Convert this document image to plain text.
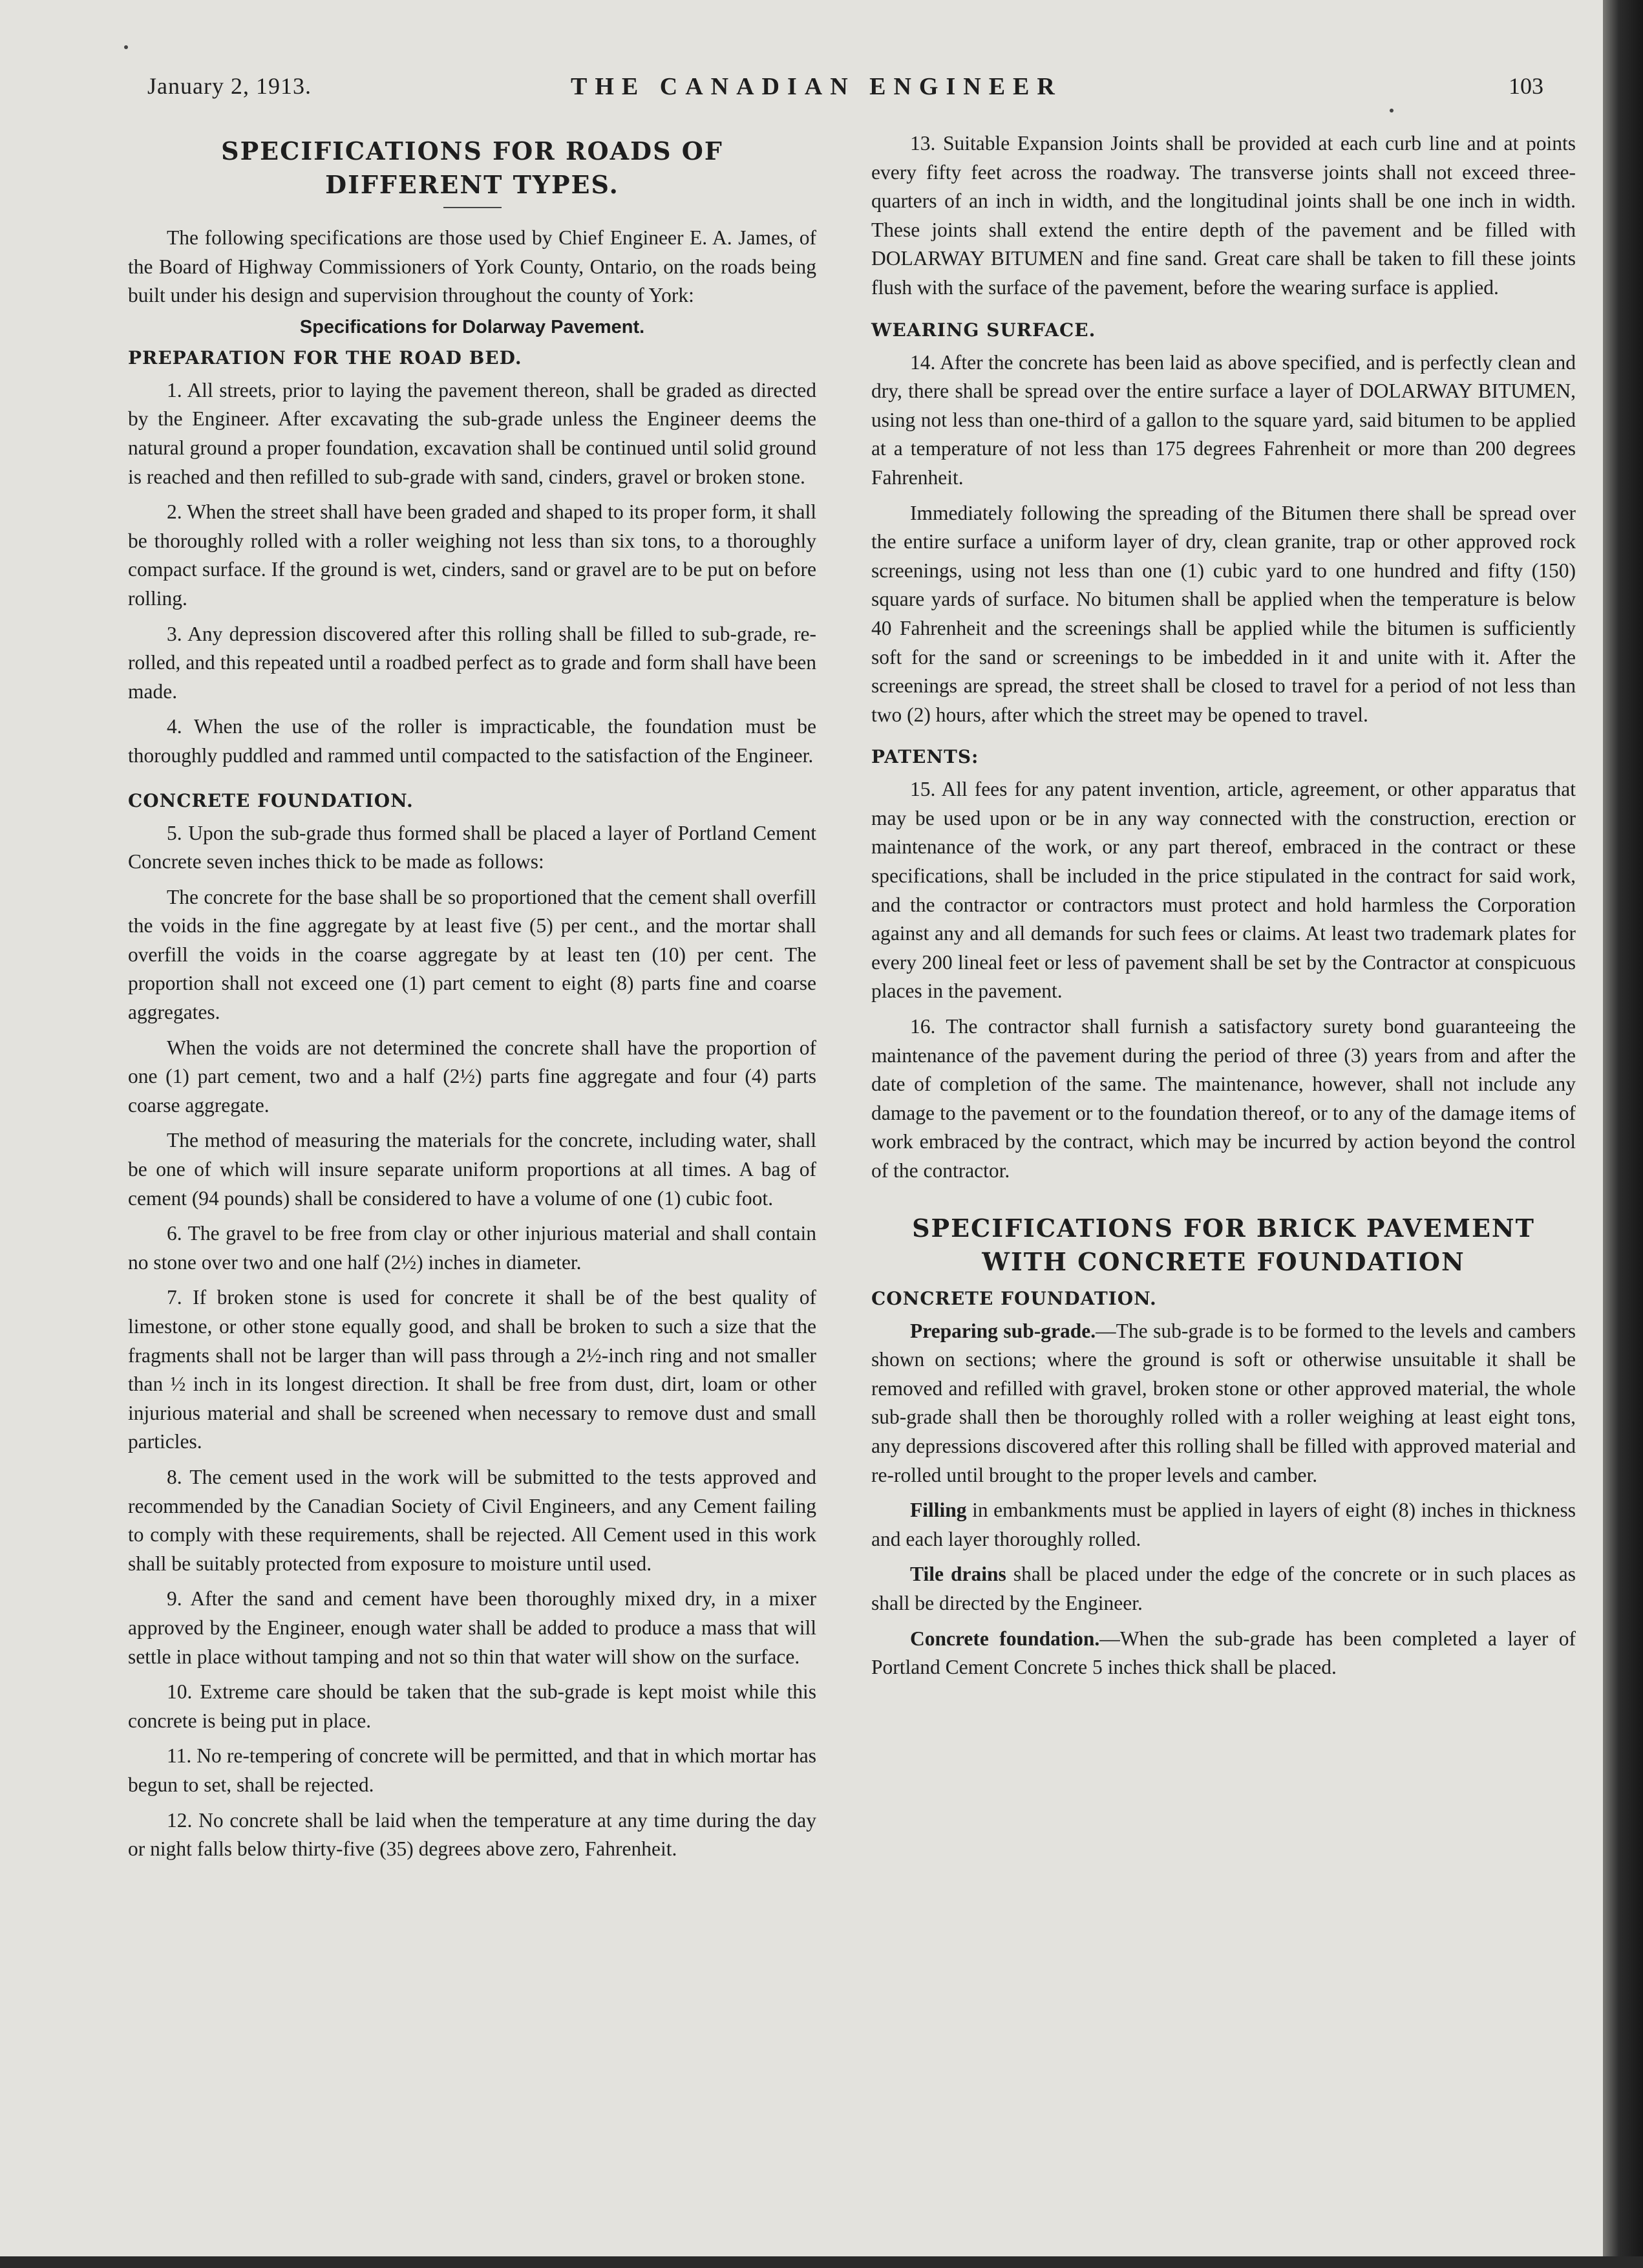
January 2, 1913.	THE CANADIAN ENGINEER	103
SPECIFICATIONS FOR ROADS OF DIFFERENT TYPES.

The following specifications are those used by Chief Engineer E. A. James, of the Board of Highway Commissioners of York County, Ontario, on the roads being built under his design and supervision throughout the county of York:

Specifications for Dolarway Pavement.
PREPARATION FOR THE ROAD BED.

1. All streets, prior to laying the pavement thereon, shall be graded as directed by the Engineer. After excavating the sub-grade unless the Engineer deems the natural ground a proper foundation, excavation shall be continued until solid ground is reached and then refilled to sub-grade with sand, cinders, gravel or broken stone.

2. When the street shall have been graded and shaped to its proper form, it shall be thoroughly rolled with a roller weighing not less than six tons, to a thoroughly compact surface. If the ground is wet, cinders, sand or gravel are to be put on before rolling.

3. Any depression discovered after this rolling shall be filled to sub-grade, re-rolled, and this repeated until a roadbed perfect as to grade and form shall have been made.

4. When the use of the roller is impracticable, the foundation must be thoroughly puddled and rammed until compacted to the satisfaction of the Engineer.

CONCRETE FOUNDATION.

5. Upon the sub-grade thus formed shall be placed a layer of Portland Cement Concrete seven inches thick to be made as follows:

The concrete for the base shall be so proportioned that the cement shall overfill the voids in the fine aggregate by at least five (5) per cent., and the mortar shall overfill the voids in the coarse aggregate by at least ten (10) per cent. The proportion shall not exceed one (1) part cement to eight (8) parts fine and coarse aggregates.

When the voids are not determined the concrete shall have the proportion of one (1) part cement, two and a half (2½) parts fine aggregate and four (4) parts coarse aggregate.

The method of measuring the materials for the concrete, including water, shall be one of which will insure separate uniform proportions at all times. A bag of cement (94 pounds) shall be considered to have a volume of one (1) cubic foot.

6. The gravel to be free from clay or other injurious material and shall contain no stone over two and one half (2½) inches in diameter.

7. If broken stone is used for concrete it shall be of the best quality of limestone, or other stone equally good, and shall be broken to such a size that the fragments shall not be larger than will pass through a 2½-inch ring and not smaller than ½ inch in its longest direction. It shall be free from dust, dirt, loam or other injurious material and shall be screened when necessary to remove dust and small particles.

8. The cement used in the work will be submitted to the tests approved and recommended by the Canadian Society of Civil Engineers, and any Cement failing to comply with these requirements, shall be rejected. All Cement used in this work shall be suitably protected from exposure to moisture until used.

9. After the sand and cement have been thoroughly mixed dry, in a mixer approved by the Engineer, enough water shall be added to produce a mass that will settle in place without tamping and not so thin that water will show on the surface.

10. Extreme care should be taken that the sub-grade is kept moist while this concrete is being put in place.

11. No re-tempering of concrete will be permitted, and that in which mortar has begun to set, shall be rejected.

12. No concrete shall be laid when the temperature at any time during the day or night falls below thirty-five (35) degrees above zero, Fahrenheit.

13. Suitable Expansion Joints shall be provided at each curb line and at points every fifty feet across the roadway. The transverse joints shall not exceed three-quarters of an inch in width, and the longitudinal joints shall be one inch in width. These joints shall extend the entire depth of the pavement and be filled with DOLARWAY BITUMEN and fine sand. Great care shall be taken to fill these joints flush with the surface of the pavement, before the wearing surface is applied.

WEARING SURFACE.

14. After the concrete has been laid as above specified, and is perfectly clean and dry, there shall be spread over the entire surface a layer of DOLARWAY BITUMEN, using not less than one-third of a gallon to the square yard, said bitumen to be applied at a temperature of not less than 175 degrees Fahrenheit or more than 200 degrees Fahrenheit.

Immediately following the spreading of the Bitumen there shall be spread over the entire surface a uniform layer of dry, clean granite, trap or other approved rock screenings, using not less than one (1) cubic yard to one hundred and fifty (150) square yards of surface. No bitumen shall be applied when the temperature is below 40 Fahrenheit and the screenings shall be applied while the bitumen is sufficiently soft for the sand or screenings to be imbedded in it and unite with it. After the screenings are spread, the street shall be closed to travel for a period of not less than two (2) hours, after which the street may be opened to travel.

PATENTS:

15. All fees for any patent invention, article, agreement, or other apparatus that may be used upon or be in any way connected with the construction, erection or maintenance of the work, or any part thereof, embraced in the contract or these specifications, shall be included in the price stipulated in the contract for said work, and the contractor or contractors must protect and hold harmless the Corporation against any and all demands for such fees or claims. At least two trademark plates for every 200 lineal feet or less of pavement shall be set by the Contractor at conspicuous places in the pavement.

16. The contractor shall furnish a satisfactory surety bond guaranteeing the maintenance of the pavement during the period of three (3) years from and after the date of completion of the same. The maintenance, however, shall not include any damage to the pavement or to the foundation thereof, or to any of the damage items of work embraced by the contract, which may be incurred by action beyond the control of the contractor.

SPECIFICATIONS FOR BRICK PAVEMENT WITH CONCRETE FOUNDATION
CONCRETE FOUNDATION.

Preparing sub-grade.—The sub-grade is to be formed to the levels and cambers shown on sections; where the ground is soft or otherwise unsuitable it shall be removed and refilled with gravel, broken stone or other approved material, the whole sub-grade shall then be thoroughly rolled with a roller weighing at least eight tons, any depressions discovered after this rolling shall be filled with approved material and re-rolled until brought to the proper levels and camber.

Filling in embankments must be applied in layers of eight (8) inches in thickness and each layer thoroughly rolled.

Tile drains shall be placed under the edge of the concrete or in such places as shall be directed by the Engineer.

Concrete foundation.—When the sub-grade has been completed a layer of Portland Cement Concrete 5 inches thick shall be placed.
